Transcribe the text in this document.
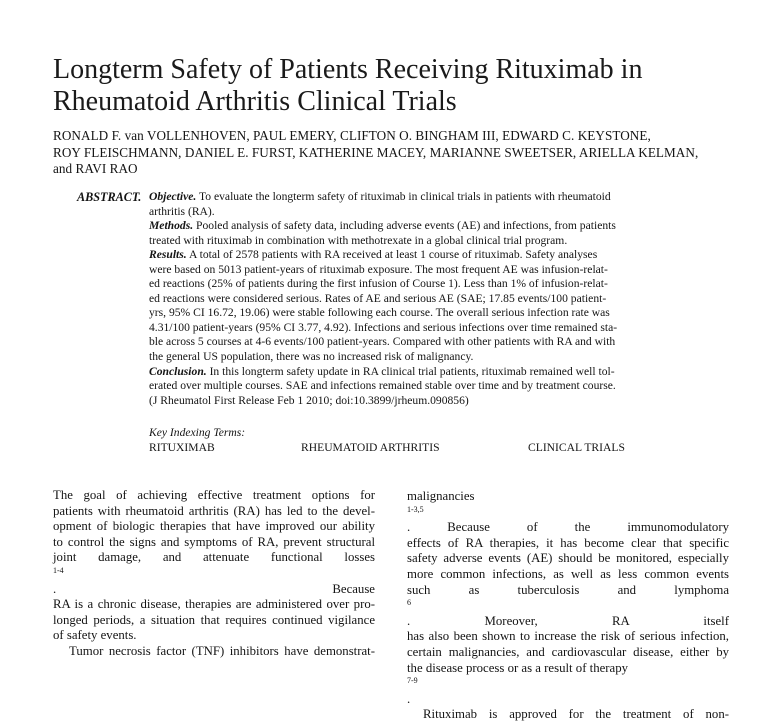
Longterm Safety of Patients Receiving Rituximab in
Rheumatoid Arthritis Clinical Trials
RONALD F. van VOLLENHOVEN, PAUL EMERY, CLIFTON O. BINGHAM III, EDWARD C. KEYSTONE,
ROY FLEISCHMANN, DANIEL E. FURST, KATHERINE MACEY, MARIANNE SWEETSER, ARIELLA KELMAN,
and RAVI RAO
ABSTRACT. Objective. To evaluate the longterm safety of rituximab in clinical trials in patients with rheumatoid
arthritis (RA).
Methods. Pooled analysis of safety data, including adverse events (AE) and infections, from patients
treated with rituximab in combination with methotrexate in a global clinical trial program.
Results. A total of 2578 patients with RA received at least 1 course of rituximab. Safety analyses
were based on 5013 patient-years of rituximab exposure. The most frequent AE was infusion-relat-
ed reactions (25% of patients during the first infusion of Course 1). Less than 1% of infusion-relat-
ed reactions were considered serious. Rates of AE and serious AE (SAE; 17.85 events/100 patient-
yrs, 95% CI 16.72, 19.06) were stable following each course. The overall serious infection rate was
4.31/100 patient-years (95% CI 3.77, 4.92). Infections and serious infections over time remained sta-
ble across 5 courses at 4-6 events/100 patient-years. Compared with other patients with RA and with
the general US population, there was no increased risk of malignancy.
Conclusion. In this longterm safety update in RA clinical trial patients, rituximab remained well tol-
erated over multiple courses. SAE and infections remained stable over time and by treatment course.
(J Rheumatol First Release Feb 1 2010; doi:10.3899/jrheum.090856)
Key Indexing Terms:
RITUXIMAB	RHEUMATOID ARTHRITIS	CLINICAL TRIALS
The goal of achieving effective treatment options for
patients with rheumatoid arthritis (RA) has led to the devel-
opment of biologic therapies that have improved our ability
to control the signs and symptoms of RA, prevent structural
joint damage, and attenuate functional losses
$^{1-4}$
. Because
RA is a chronic disease, therapies are administered over pro-
longed periods, a situation that requires continued vigilance
of safety events.
Tumor necrosis factor (TNF) inhibitors have demonstrat-
malignancies
$^{1-3,5}$
. Because of the immunomodulatory
effects of RA therapies, it has become clear that specific
safety adverse events (AE) should be monitored, especially
more common infections, as well as less common events
such as tuberculosis and lymphoma
$^6$
. Moreover, RA itself
has also been shown to increase the risk of serious infection,
certain malignancies, and cardiovascular disease, either by
the disease process or as a result of therapy
$^{7-9}$
.
Rituximab is approved for the treatment of non-
